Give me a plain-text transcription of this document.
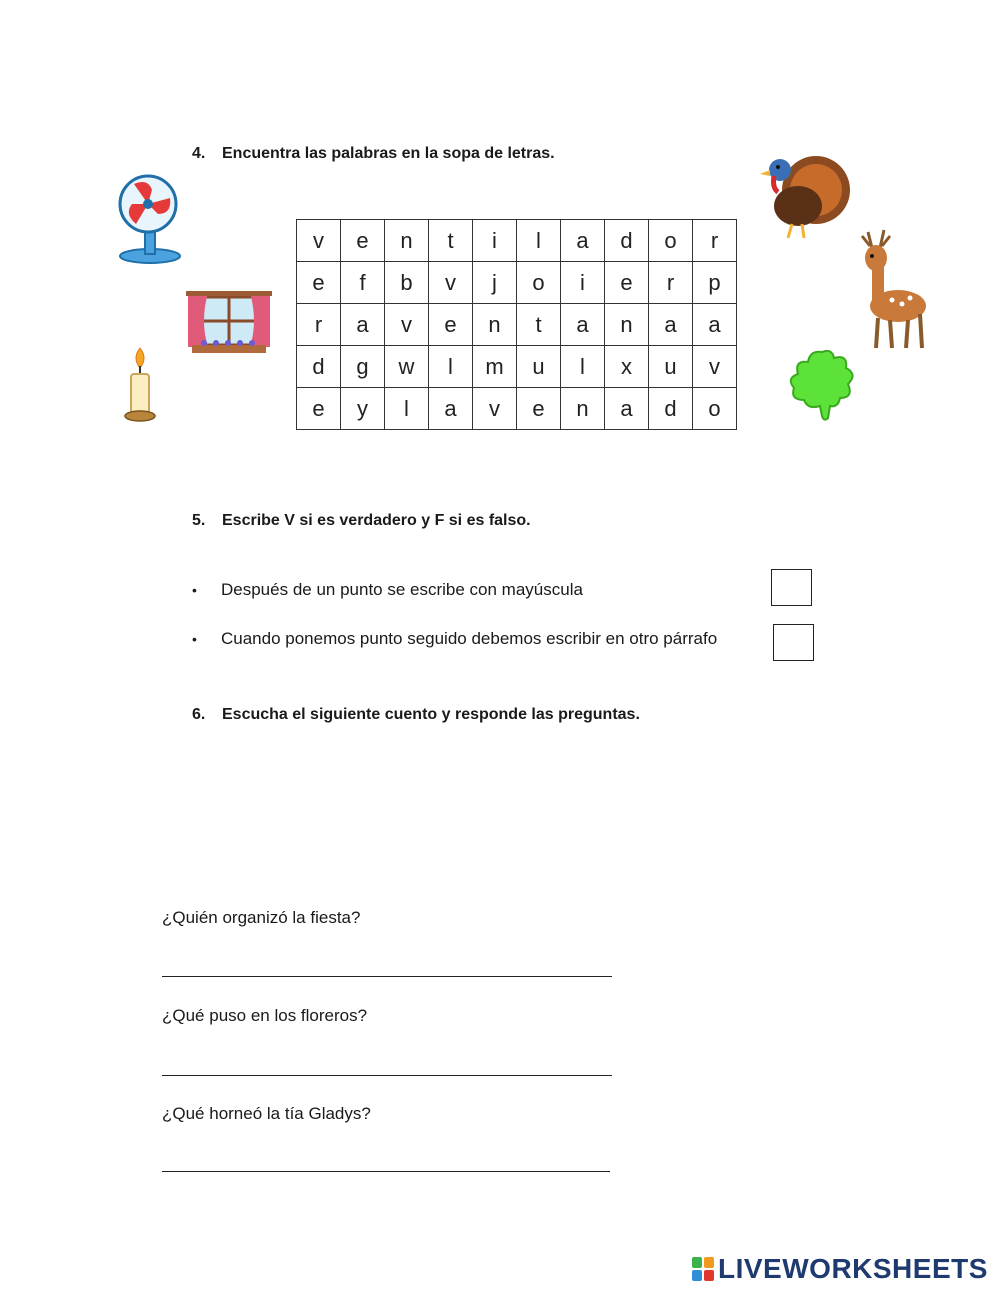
4. Encuentra las palabras en la sopa de letras.
v	e	n	t	i	l	a	d	o	r
e	f	b	v	j	o	i	e	r	p
r	a	v	e	n	t	a	n	a	a
d	g	w	l	m	u	l	x	u	v
e	y	l	a	v	e	n	a	d	o
5. Escribe V si es verdadero y F si es falso.
• Después de un punto se escribe con mayúscula
• Cuando ponemos punto seguido debemos escribir en otro párrafo
6. Escucha el siguiente cuento y responde las preguntas.
¿Quién organizó la fiesta?
¿Qué puso en los floreros?
¿Qué horneó la tía Gladys?
LIVEWORKSHEETS
